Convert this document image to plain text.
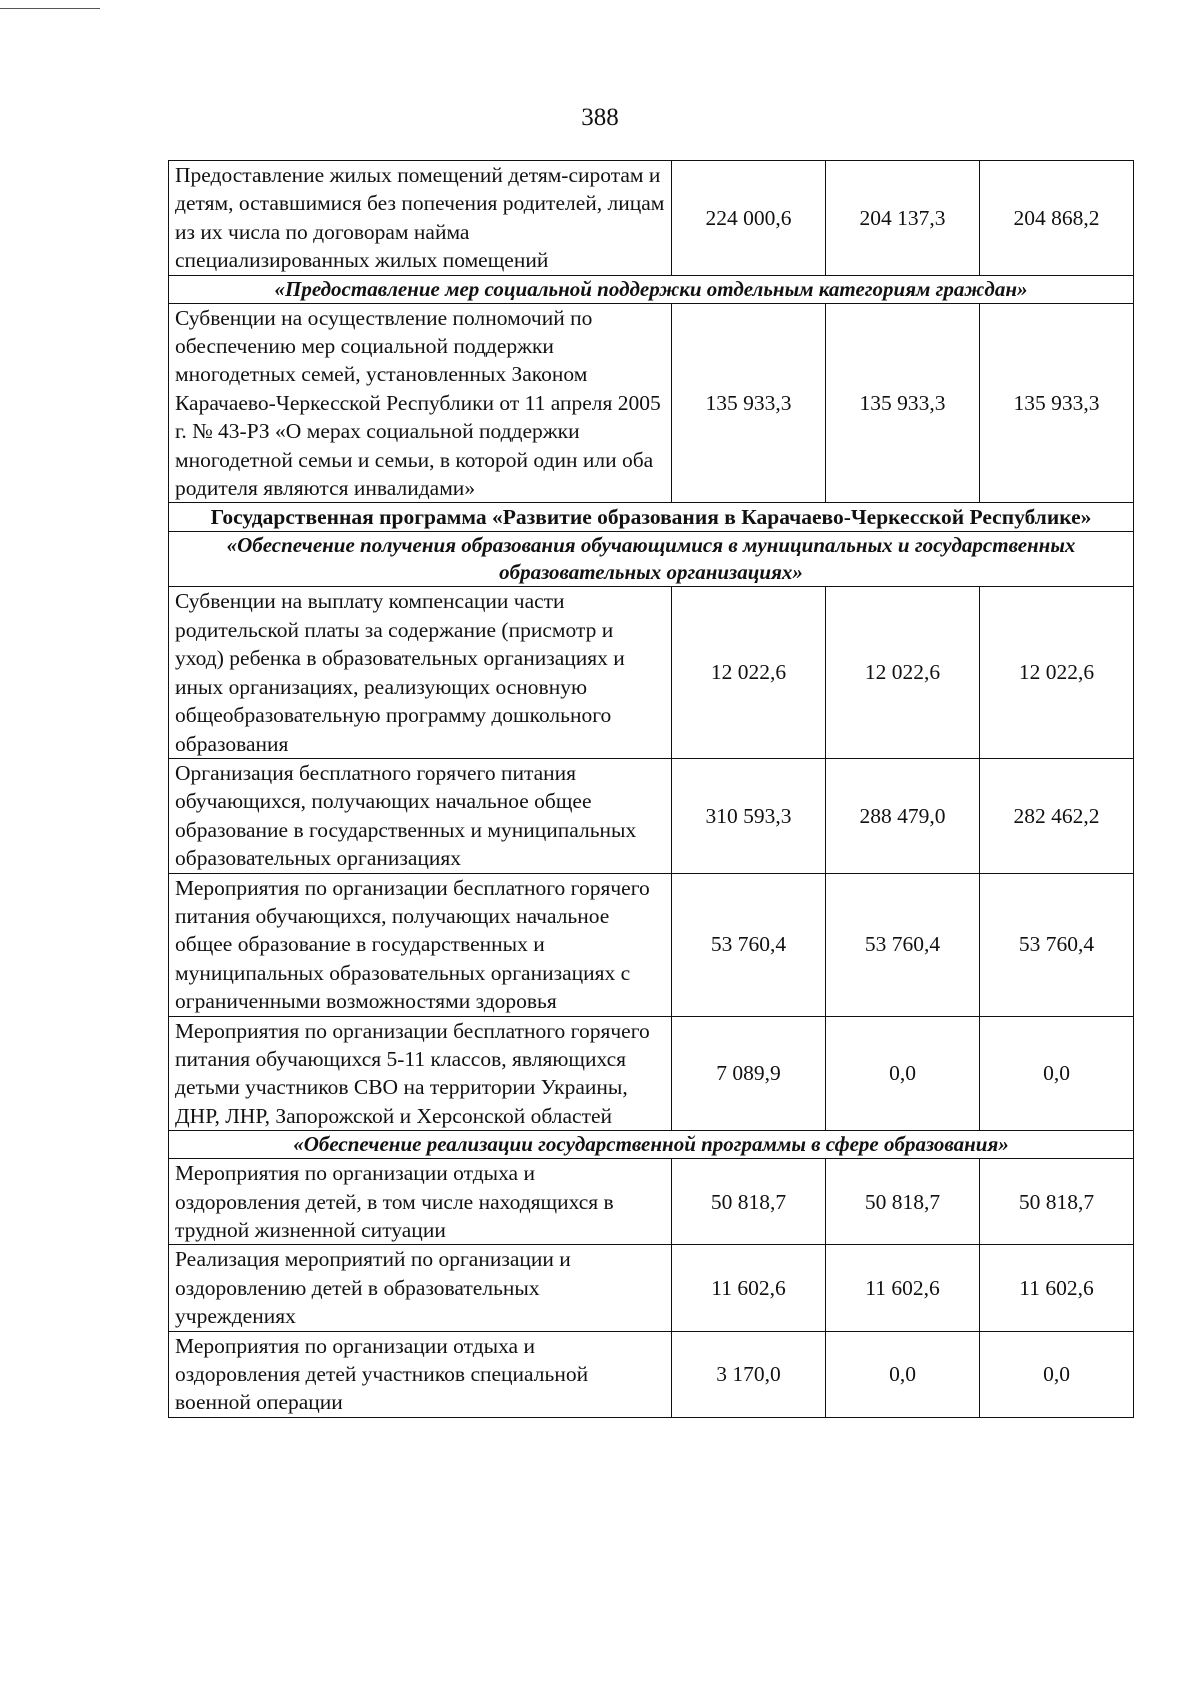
388
Предоставление жилых помещений детям-сиротам и детям, оставшимися без попечения родителей, лицам из их числа по договорам найма специализированных жилых помещений	224 000,6	204 137,3	204 868,2
«Предоставление мер социальной поддержки отдельным категориям граждан»			
Субвенции на осуществление полномочий по обеспечению мер социальной поддержки многодетных семей, установленных Законом Карачаево-Черкесской Республики от 11 апреля 2005 г. № 43-РЗ «О мерах социальной поддержки многодетной семьи и семьи, в которой один или оба родителя являются инвалидами»	135 933,3	135 933,3	135 933,3
Государственная программа «Развитие образования в Карачаево-Черкесской Республике»			
«Обеспечение получения образования обучающимися в муниципальных и государственных образовательных организациях»			
Субвенции на выплату компенсации части родительской платы за содержание (присмотр и уход) ребенка в образовательных организациях и иных организациях, реализующих основную общеобразовательную программу дошкольного образования	12 022,6	12 022,6	12 022,6
Организация бесплатного горячего питания обучающихся, получающих начальное общее образование в государственных и муниципальных образовательных организациях	310 593,3	288 479,0	282 462,2
Мероприятия по организации бесплатного горячего питания обучающихся, получающих начальное общее образование в государственных и муниципальных образовательных организациях с ограниченными возможностями здоровья	53 760,4	53 760,4	53 760,4
Мероприятия по организации бесплатного горячего питания обучающихся 5-11 классов, являющихся детьми участников СВО на территории Украины, ДНР, ЛНР, Запорожской и Херсонской областей	7 089,9	0,0	0,0
«Обеспечение реализации государственной программы в сфере образования»			
Мероприятия по организации отдыха и оздоровления детей, в том числе находящихся в трудной жизненной ситуации	50 818,7	50 818,7	50 818,7
Реализация мероприятий по организации и оздоровлению детей в образовательных учреждениях	11 602,6	11 602,6	11 602,6
Мероприятия по организации отдыха и оздоровления детей участников специальной военной операции	3 170,0	0,0	0,0
